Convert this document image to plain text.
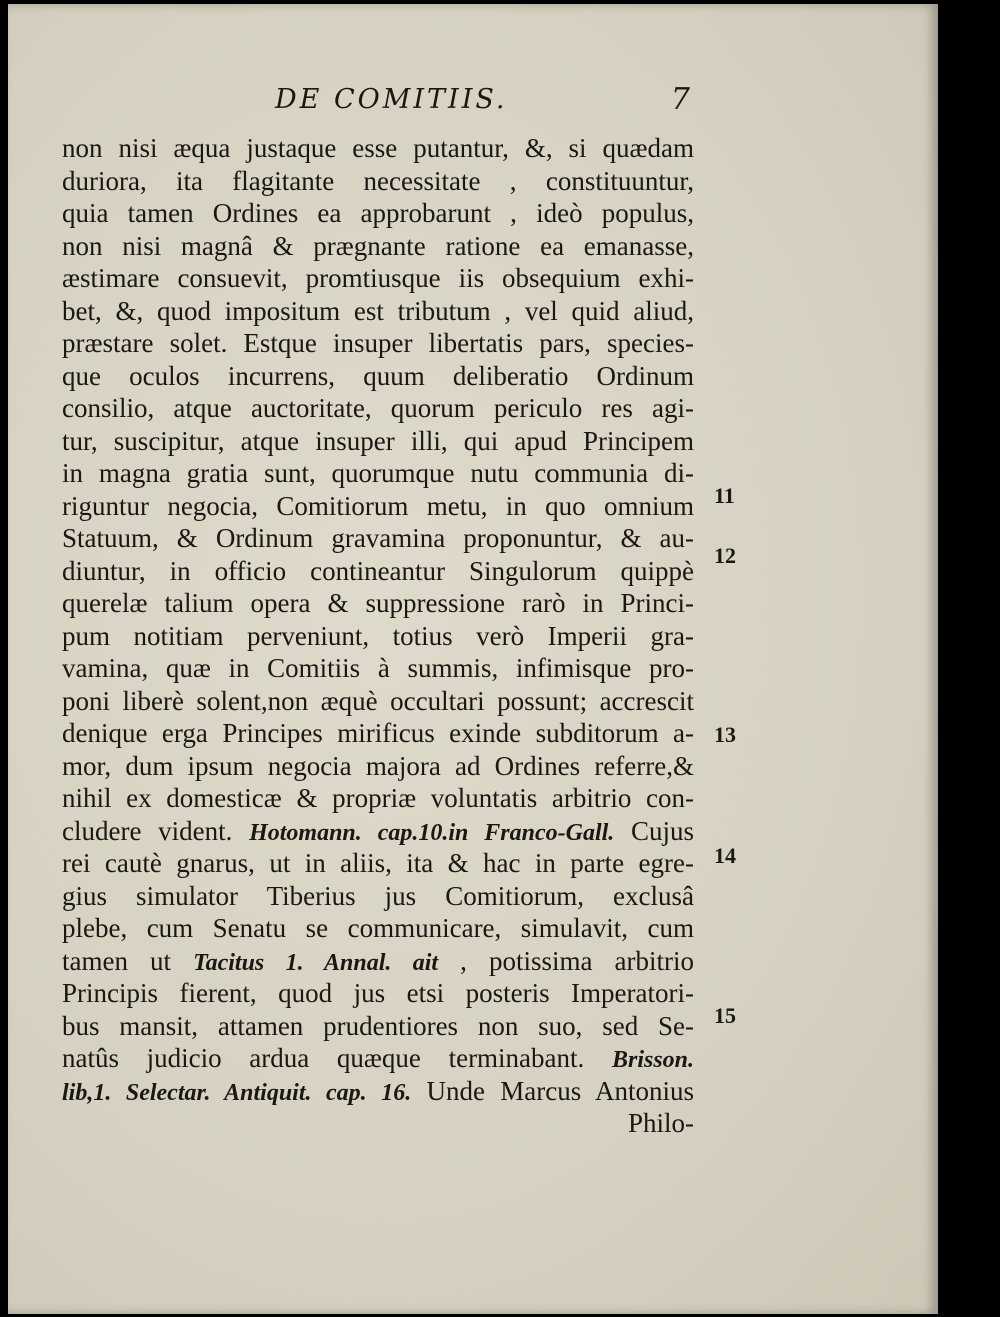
DE COMITIIS.	7
non nisi æqua justaque esse putantur, &, si quædam
duriora, ita flagitante necessitate , constituuntur,
quia tamen Ordines ea approbarunt , ideò populus,
non nisi magnâ & prægnante ratione ea emanasse,
æstimare consuevit, promtiusque iis obsequium exhi-
bet, &, quod impositum est tributum , vel quid aliud,
præstare solet. Estque insuper libertatis pars, species-
que oculos incurrens, quum deliberatio Ordinum
consilio, atque auctoritate, quorum periculo res agi-
tur, suscipitur, atque insuper illi, qui apud Principem
in magna gratia sunt, quorumque nutu communia di-
riguntur negocia, Comitiorum metu, in quo omnium
Statuum, & Ordinum gravamina proponuntur, & au-
diuntur, in officio contineantur Singulorum quippè
querelæ talium opera & suppressione rarò in Princi-
pum notitiam perveniunt, totius verò Imperii gra-
vamina, quæ in Comitiis à summis, infimisque pro-
poni liberè solent,non æquè occultari possunt; accrescit
denique erga Principes mirificus exinde subditorum a-
mor, dum ipsum negocia majora ad Ordines referre,&
nihil ex domesticæ & propriæ voluntatis arbitrio con-
cludere vident. Hotomann. cap.10.in Franco-Gall. Cujus
rei cautè gnarus, ut in aliis, ita & hac in parte egre-
gius simulator Tiberius jus Comitiorum, exclusâ
plebe, cum Senatu se communicare, simulavit, cum
tamen ut Tacitus 1. Annal. ait , potissima arbitrio
Principis fierent, quod jus etsi posteris Imperatori-
bus mansit, attamen prudentiores non suo, sed Se-
natûs judicio ardua quæque terminabant. Brisson.
lib,1. Selectar. Antiquit. cap. 16. Unde Marcus Antonius
Philo-
11
12
13
14
15
